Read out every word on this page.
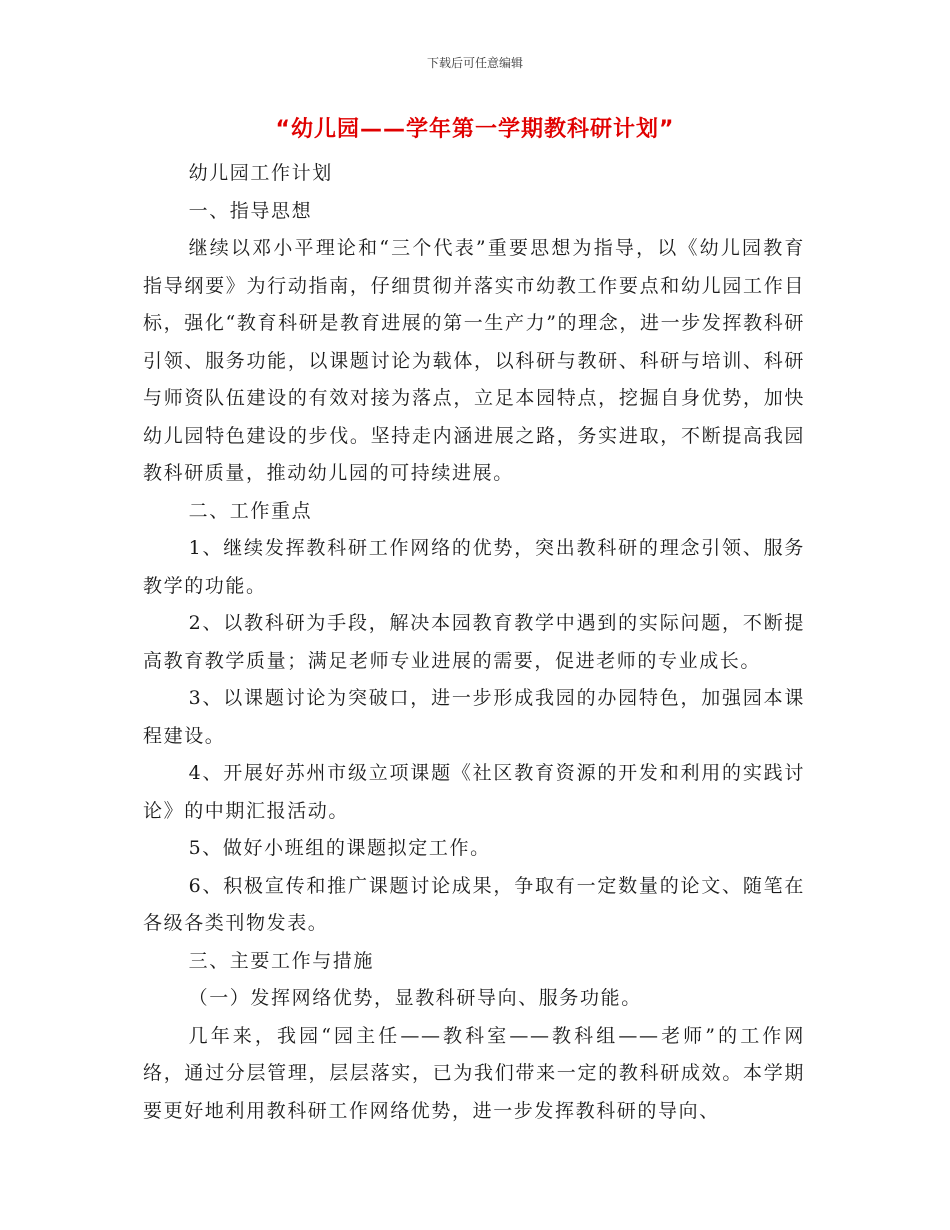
下载后可任意编辑
“幼儿园——学年第一学期教科研计划”

幼儿园工作计划

一、指导思想

继续以邓小平理论和“三个代表”重要思想为指导，以《幼儿园教育指导纲要》为行动指南，仔细贯彻并落实市幼教工作要点和幼儿园工作目标，强化“教育科研是教育进展的第一生产力”的理念，进一步发挥教科研引领、服务功能，以课题讨论为载体，以科研与教研、科研与培训、科研与师资队伍建设的有效对接为落点，立足本园特点，挖掘自身优势，加快幼儿园特色建设的步伐。坚持走内涵进展之路，务实进取，不断提高我园教科研质量，推动幼儿园的可持续进展。

二、工作重点

1、继续发挥教科研工作网络的优势，突出教科研的理念引领、服务教学的功能。

2、以教科研为手段，解决本园教育教学中遇到的实际问题，不断提高教育教学质量；满足老师专业进展的需要，促进老师的专业成长。

3、以课题讨论为突破口，进一步形成我园的办园特色，加强园本课程建设。

4、开展好苏州市级立项课题《社区教育资源的开发和利用的实践讨论》的中期汇报活动。

5、做好小班组的课题拟定工作。

6、积极宣传和推广课题讨论成果，争取有一定数量的论文、随笔在各级各类刊物发表。

三、主要工作与措施

（一）发挥网络优势，显教科研导向、服务功能。

几年来，我园“园主任——教科室——教科组——老师”的工作网络，通过分层管理，层层落实，已为我们带来一定的教科研成效。本学期要更好地利用教科研工作网络优势，进一步发挥教科研的导向、
